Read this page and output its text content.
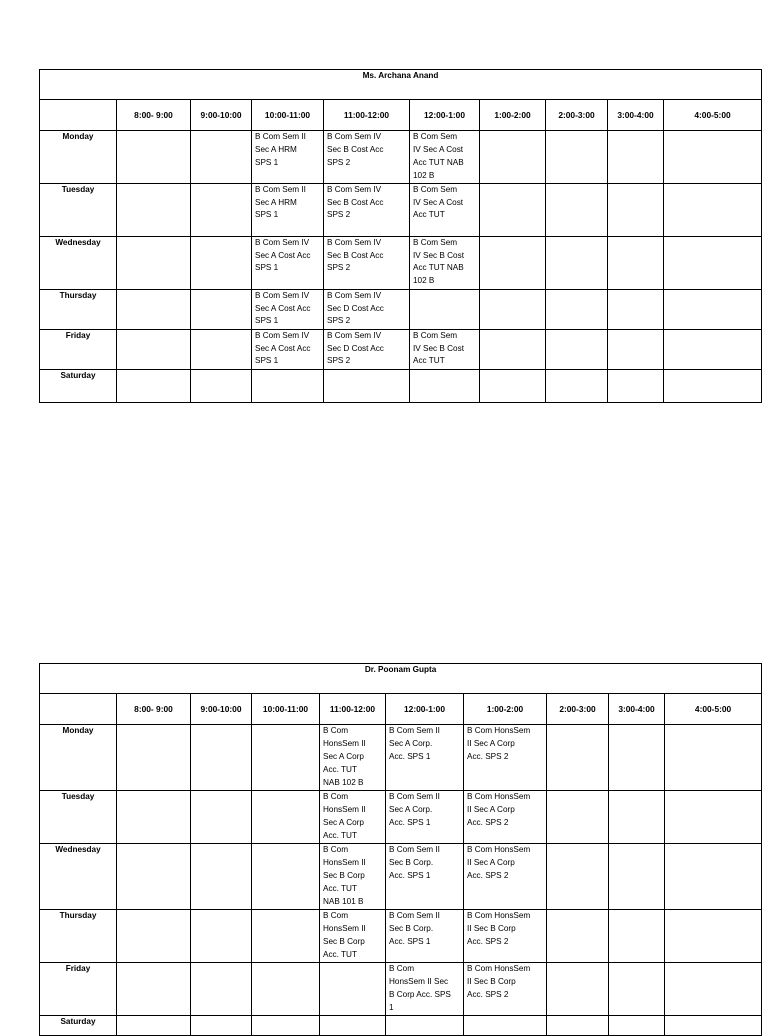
Ms. Archana Anand									
	8:00- 9:00	9:00-10:00	10:00-11:00	11:00-12:00	12:00-1:00	1:00-2:00	2:00-3:00	3:00-4:00	4:00-5:00
Monday			B Com Sem II
Sec A HRM
SPS 1	B Com Sem IV
Sec B Cost Acc
SPS 2	B Com Sem
IV Sec A Cost
Acc TUT NAB
102 B				
Tuesday			B Com Sem II
Sec A HRM
SPS 1	B Com Sem IV
Sec B Cost Acc
SPS 2	B Com Sem
IV Sec A Cost
Acc TUT				
Wednesday			B Com Sem IV
Sec A Cost Acc
SPS 1	B Com Sem IV
Sec B Cost Acc
SPS 2	B Com Sem
IV Sec B Cost
Acc TUT NAB
102 B				
Thursday			B Com Sem IV
Sec A Cost Acc
SPS 1	B Com Sem IV
Sec D Cost Acc
SPS 2					
Friday			B Com Sem IV
Sec A Cost Acc
SPS 1	B Com Sem IV
Sec D Cost Acc
SPS 2	B Com Sem
IV Sec B Cost
Acc TUT				
Saturday									
Dr. Poonam Gupta									
	8:00- 9:00	9:00-10:00	10:00-11:00	11:00-12:00	12:00-1:00	1:00-2:00	2:00-3:00	3:00-4:00	4:00-5:00
Monday				B Com
HonsSem II
Sec A Corp
Acc. TUT
NAB 102 B	B Com Sem II
Sec A Corp.
Acc. SPS 1	B Com HonsSem
II Sec A Corp
Acc. SPS 2			
Tuesday				B Com
HonsSem II
Sec A Corp
Acc. TUT	B Com Sem II
Sec A Corp.
Acc. SPS 1	B Com HonsSem
II Sec A Corp
Acc. SPS 2			
Wednesday				B Com
HonsSem II
Sec B Corp
Acc. TUT
NAB 101 B	B Com Sem II
Sec B Corp.
Acc. SPS 1	B Com HonsSem
II Sec A Corp
Acc. SPS 2			
Thursday				B Com
HonsSem II
Sec B Corp
Acc. TUT	B Com Sem II
Sec B Corp.
Acc. SPS 1	B Com HonsSem
II Sec B Corp
Acc. SPS 2			
Friday					B Com
HonsSem II Sec
B Corp Acc. SPS
1	B Com HonsSem
II Sec B Corp
Acc. SPS 2			
Saturday									
